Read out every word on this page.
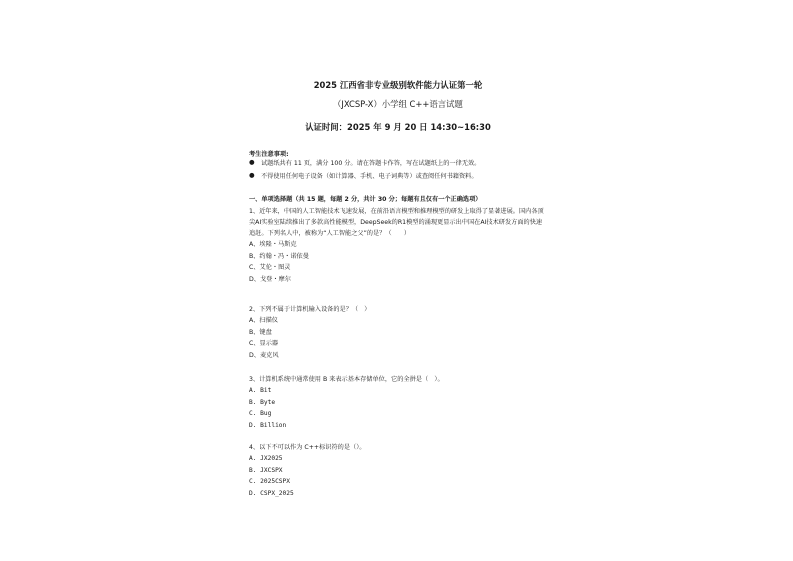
2025 江西省非专业级别软件能力认证第一轮
（JXCSP-X）小学组 C++语言试题
认证时间：2025 年 9 月 20 日 14:30~16:30
考生注意事项:
● 试题纸共有 11 页，满分 100 分。请在答题卡作答，写在试题纸上的一律无效。
● 不得使用任何电子设备（如计算器、手机、电子词典等）或查阅任何书籍资料。
一、单项选择题（共 15 题，每题 2 分，共计 30 分；每题有且仅有一个正确选项）
1、近年来，中国的人工智能技术飞速发展，在前沿语言模型和推理模型的研发上取得了显著进展。国内各顶尖AI实验室陆续推出了多款高性能模型，DeepSeek的R1模型的涌现更显示出中国在AI技术研发方面的快速追赶。下列名人中，被称为“人工智能之父”的是？（　　）
A、埃隆・马斯克
B、约翰・冯・诺依曼
C、艾伦・图灵
D、戈登・摩尔
2、下列不属于计算机输入设备的是？（　）
A、扫描仪
B、键盘
C、显示器
D、麦克风
3、计算机系统中通常使用 B 来表示基本存储单位，它的全拼是（　）。
A. Bit
B. Byte
C. Bug
D. Billion
4、以下不可以作为 C++标识符的是（）。
A. JX2025
B. JXCSPX
C. 2025CSPX
D. CSPX_2025
